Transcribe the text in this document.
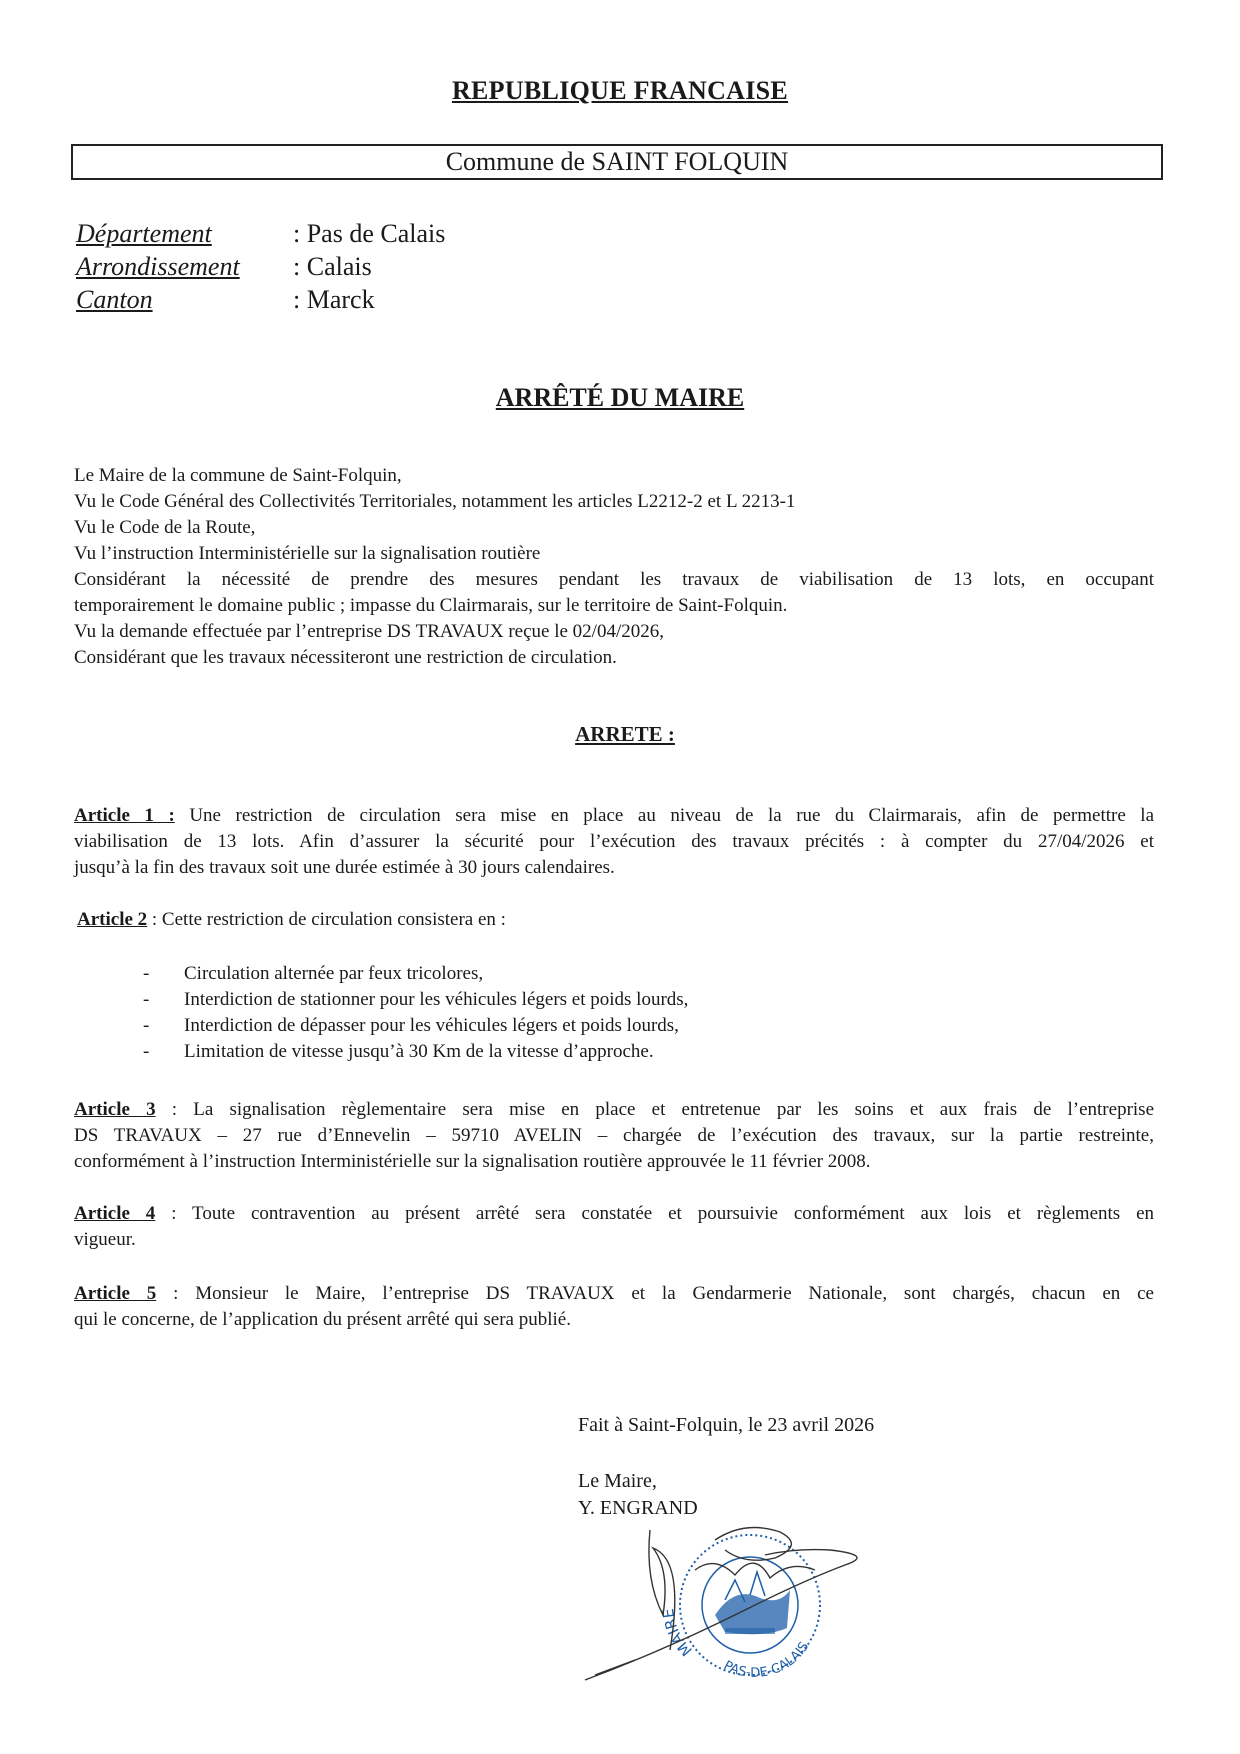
REPUBLIQUE FRANCAISE
Commune de SAINT FOLQUIN
Département	: Pas de Calais
Arrondissement : Calais
Canton	: Marck
ARRÊTÉ DU MAIRE
Le Maire de la commune de Saint-Folquin,
Vu le Code Général des Collectivités Territoriales, notamment les articles L2212-2 et L 2213-1
Vu le Code de la Route,
Vu l’instruction Interministérielle sur la signalisation routière
Considérant la nécessité de prendre des mesures pendant les travaux de viabilisation de 13 lots, en occupant
temporairement le domaine public ; impasse du Clairmarais, sur le territoire de Saint-Folquin.
Vu la demande effectuée par l’entreprise DS TRAVAUX reçue le 02/04/2026,
Considérant que les travaux nécessiteront une restriction de circulation.
ARRETE :
Article 1 : Une restriction de circulation sera mise en place au niveau de la rue du Clairmarais, afin de permettre la
viabilisation de 13 lots. Afin d’assurer la sécurité pour l’exécution des travaux précités : à compter du 27/04/2026 et
jusqu’à la fin des travaux soit une durée estimée à 30 jours calendaires.
Article 2 : Cette restriction de circulation consistera en :
- Circulation alternée par feux tricolores,
- Interdiction de stationner pour les véhicules légers et poids lourds,
- Interdiction de dépasser pour les véhicules légers et poids lourds,
- Limitation de vitesse jusqu’à 30 Km de la vitesse d’approche.
Article 3 : La signalisation règlementaire sera mise en place et entretenue par les soins et aux frais de l’entreprise
DS TRAVAUX – 27 rue d’Ennevelin – 59710 AVELIN – chargée de l’exécution des travaux, sur la partie restreinte,
conformément à l’instruction Interministérielle sur la signalisation routière approuvée le 11 février 2008.
Article 4 : Toute contravention au présent arrêté sera constatée et poursuivie conformément aux lois et règlements en
vigueur.
Article 5 : Monsieur le Maire, l’entreprise DS TRAVAUX et la Gendarmerie Nationale, sont chargés, chacun en ce
qui le concerne, de l’application du présent arrêté qui sera publié.
Fait à Saint-Folquin, le 23 avril 2026
Le Maire,
Y. ENGRAND
MAIRE
PAS-DE-CALAIS
